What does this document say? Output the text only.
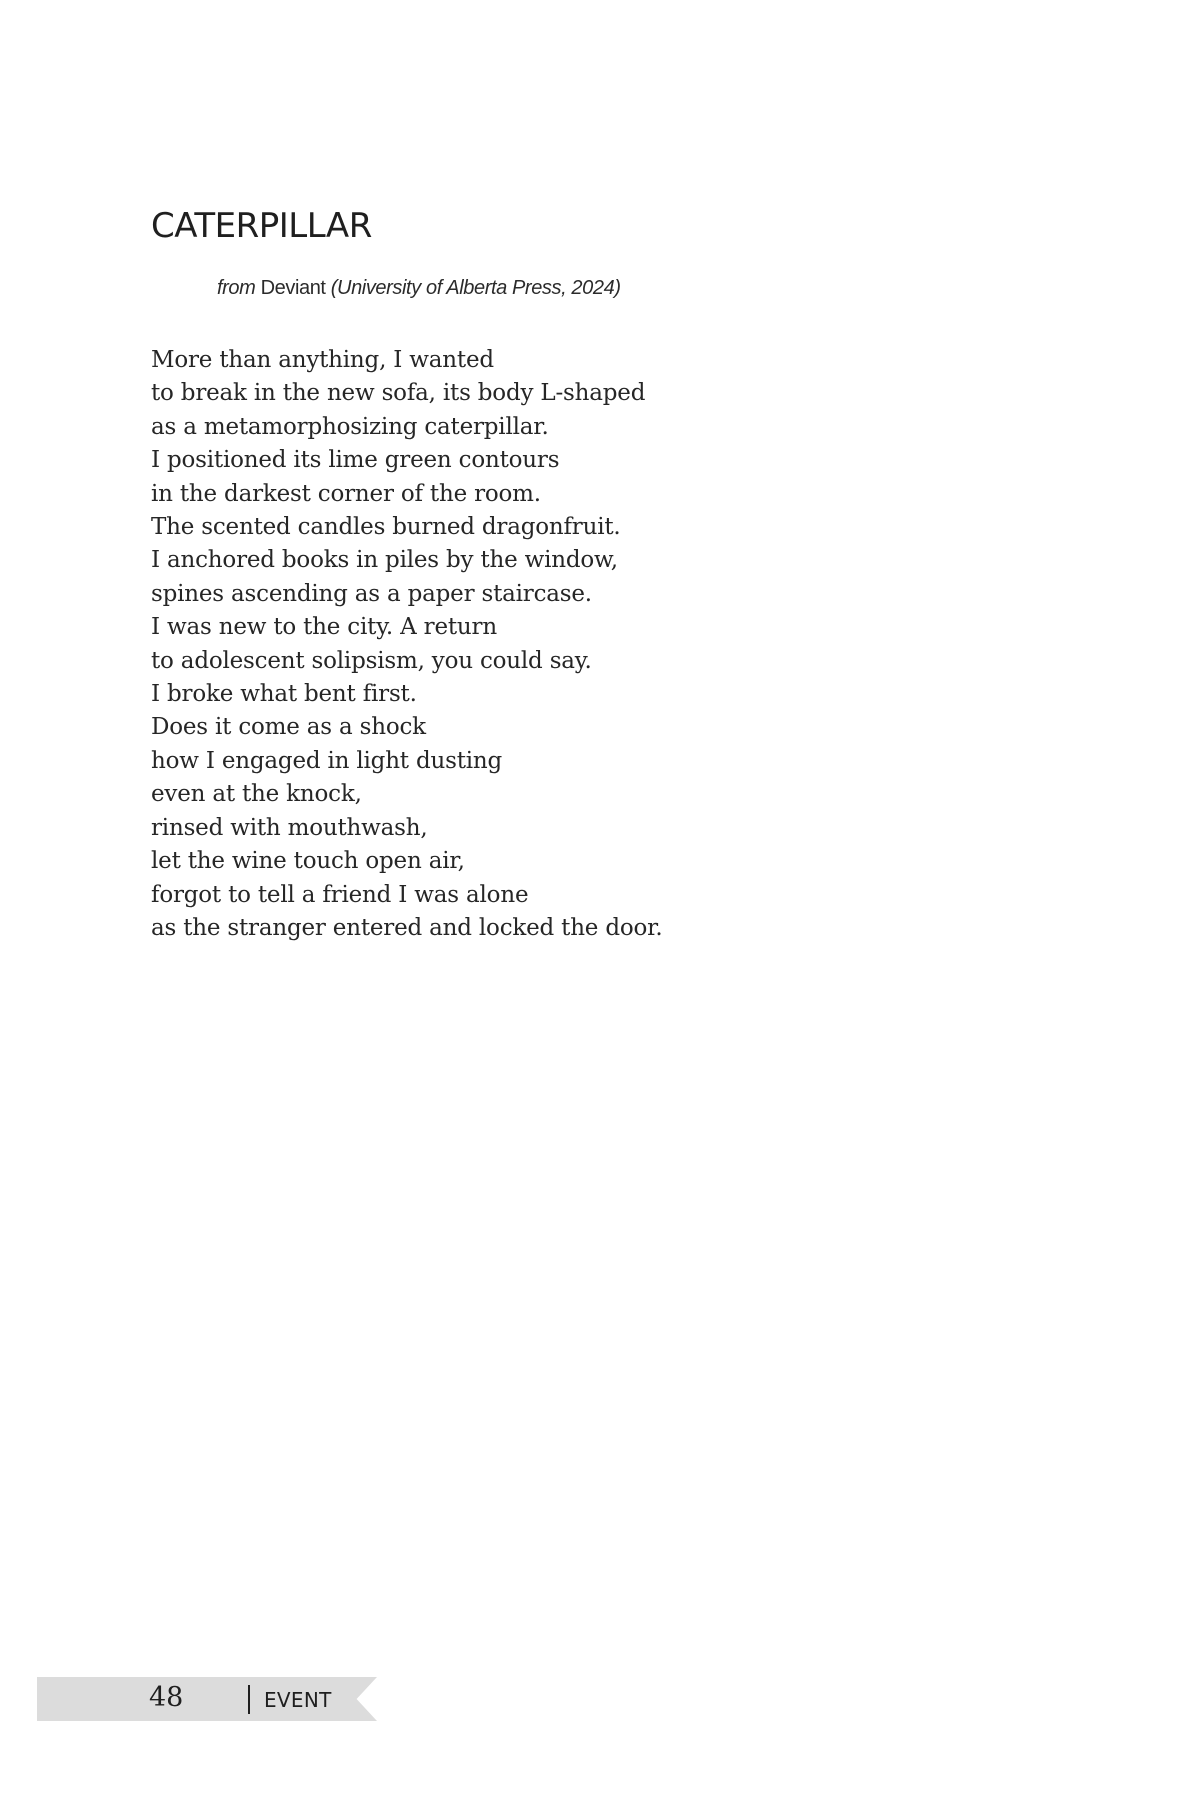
CATERPILLAR

from Deviant (University of Alberta Press, 2024)

More than anything, I wanted
to break in the new sofa, its body L-shaped
as a metamorphosizing caterpillar.
I positioned its lime green contours
in the darkest corner of the room.
The scented candles burned dragonfruit.
I anchored books in piles by the window,
spines ascending as a paper staircase.
I was new to the city. A return
to adolescent solipsism, you could say.
I broke what bent first.
Does it come as a shock
how I engaged in light dusting
even at the knock,
rinsed with mouthwash,
let the wine touch open air,
forgot to tell a friend I was alone
as the stranger entered and locked the door.
48	EVENT
